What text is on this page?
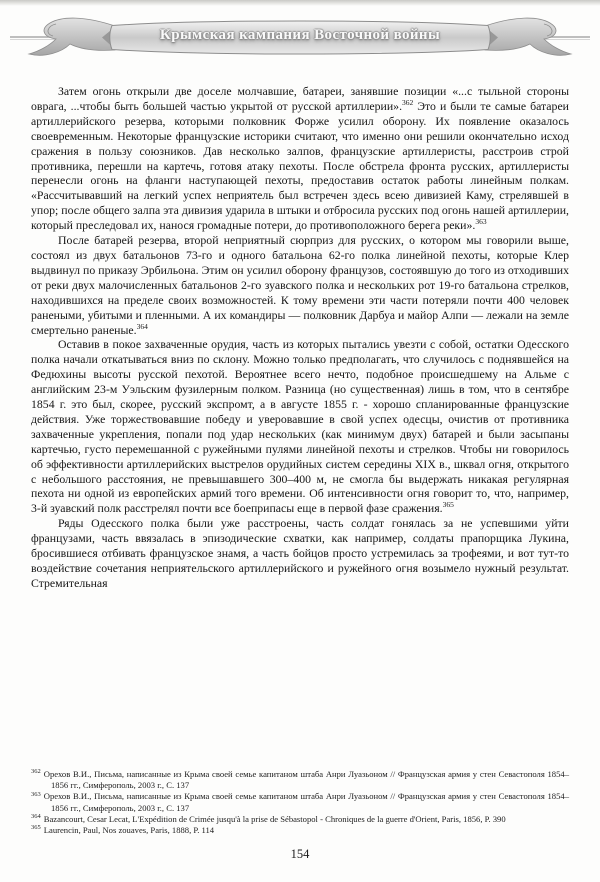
Крымская кампания Восточной войны

Затем огонь открыли две доселе молчавшие, батареи, занявшие позиции «...с тыльной стороны оврага, ...чтобы быть большей частью укрытой от русской артиллерии».$^{362}$ Это и были те самые батареи артиллерийского резерва, которыми полковник Форже усилил оборону. Их появление оказалось своевременным. Некоторые французские историки считают, что именно они решили окончательно исход сражения в пользу союзников. Дав несколько залпов, французские артиллеристы, расстроив строй противника, перешли на картечь, готовя атаку пехоты. После обстрела фронта русских, артиллеристы перенесли огонь на фланги наступающей пехоты, предоставив остаток работы линейным полкам. «Рассчитывавший на легкий успех неприятель был встречен здесь всею дивизией Каму, стрелявшей в упор; после общего залпа эта дивизия ударила в штыки и отбросила русских под огонь нашей артиллерии, который преследовал их, нанося громадные потери, до противоположного берега реки».$^{363}$

После батарей резерва, второй неприятный сюрприз для русских, о котором мы говорили выше, состоял из двух батальонов 73-го и одного батальона 62-го полка линейной пехоты, которые Клер выдвинул по приказу Эрбильона. Этим он усилил оборону французов, состоявшую до того из отходивших от реки двух малочисленных батальонов 2-го зуавского полка и нескольких рот 19-го батальона стрелков, находившихся на пределе своих возможностей. К тому времени эти части потеряли почти 400 человек ранеными, убитыми и пленными. А их командиры — полковник Дарбуа и майор Алпи — лежали на земле смертельно раненые.$^{364}$

Оставив в покое захваченные орудия, часть из которых пытались увезти с собой, остатки Одесского полка начали откатываться вниз по склону. Можно только предполагать, что случилось с поднявшейся на Федюхины высоты русской пехотой. Вероятнее всего нечто, подобное происшедшему на Альме с английским 23-м Уэльским фузилерным полком. Разница (но существенная) лишь в том, что в сентябре 1854 г. это был, скорее, русский экспромт, а в августе 1855 г. - хорошо спланированные французские действия. Уже торжествовавшие победу и уверовавшие в свой успех одесцы, очистив от противника захваченные укрепления, попали под удар нескольких (как минимум двух) батарей и были засыпаны картечью, густо перемешанной с ружейными пулями линейной пехоты и стрелков. Чтобы ни говорилось об эффективности артиллерийских выстрелов орудийных систем середины XIX в., шквал огня, открытого с небольшого расстояния, не превышавшего 300–400 м, не смогла бы выдержать никакая регулярная пехота ни одной из европейских армий того времени. Об интенсивности огня говорит то, что, например, 3-й зуавский полк расстрелял почти все боеприпасы еще в первой фазе сражения.$^{365}$

Ряды Одесского полка были уже расстроены, часть солдат гонялась за не успевшими уйти французами, часть ввязалась в эпизодические схватки, как например, солдаты прапорщика Лукина, бросившиеся отбивать французское знамя, а часть бойцов просто устремилась за трофеями, и вот тут-то воздействие сочетания неприятельского артиллерийского и ружейного огня возымело нужный результат. Стремительная

$^{362}$ Орехов В.И., Письма, написанные из Крыма своей семье капитаном штаба Анри Луазьоном // Французская армия у стен Севастополя 1854–1856 гг., Симферополь, 2003 г., С. 137
$^{363}$ Орехов В.И., Письма, написанные из Крыма своей семье капитаном штаба Анри Луазьоном // Французская армия у стен Севастополя 1854–1856 гг., Симферополь, 2003 г., С. 137
$^{364}$ Bazancourt, Cesar Lecat, L'Expédition de Crimée jusqu'à la prise de Sébastopol - Chroniques de la guerre d'Orient, Paris, 1856, P. 390
$^{365}$ Laurencin, Paul, Nos zouaves, Paris, 1888, P. 114
154
